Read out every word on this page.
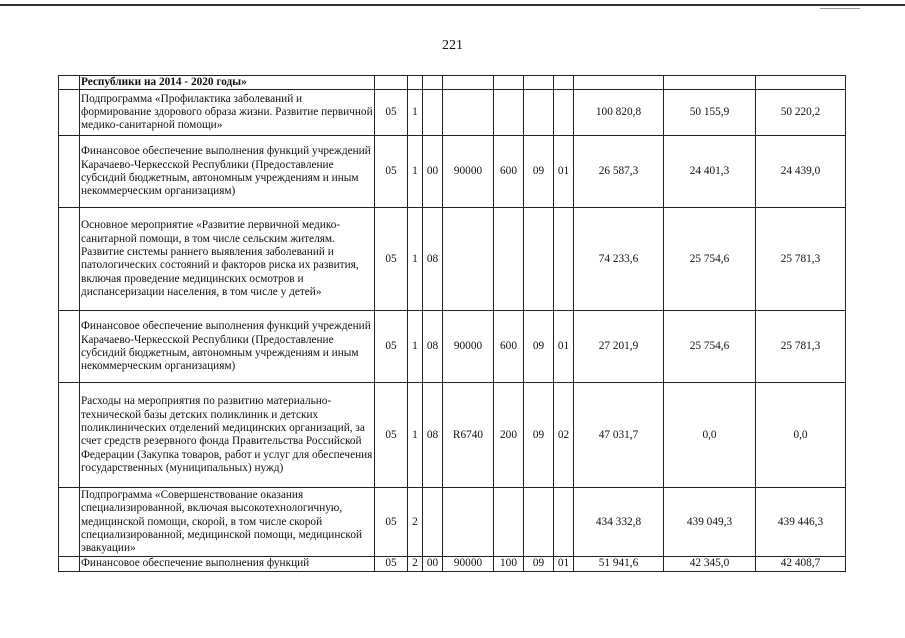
221
	Республики на 2014 - 2020 годы»										
	Подпрограмма «Профилактика заболеваний и формирование здорового образа жизни. Развитие первичной медико-санитарной помощи»	05	1						100 820,8	50 155,9	50 220,2
	Финансовое обеспечение выполнения функций учреждений Карачаево-Черкесской Республики (Предоставление субсидий бюджетным, автономным учреждениям и иным некоммерческим организациям)	05	1	00	90000	600	09	01	26 587,3	24 401,3	24 439,0
	Основное мероприятие «Развитие первичной медико-санитарной помощи, в том числе сельским жителям. Развитие системы раннего выявления заболеваний и патологических состояний и факторов риска их развития, включая проведение медицинских осмотров и диспансеризации населения, в том числе у детей»	05	1	08					74 233,6	25 754,6	25 781,3
	Финансовое обеспечение выполнения функций учреждений Карачаево-Черкесской Республики (Предоставление субсидий бюджетным, автономным учреждениям и иным некоммерческим организациям)	05	1	08	90000	600	09	01	27 201,9	25 754,6	25 781,3
	Расходы на мероприятия по развитию материально-технической базы детских поликлиник и детских поликлинических отделений медицинских организаций, за счет средств резервного фонда Правительства Российской Федерации (Закупка товаров, работ и услуг для обеспечения государственных (муниципальных) нужд)	05	1	08	R6740	200	09	02	47 031,7	0,0	0,0
	Подпрограмма «Совершенствование оказания специализированной, включая высокотехнологичную, медицинской помощи, скорой, в том числе скорой специализированной, медицинской помощи, медицинской эвакуации»	05	2						434 332,8	439 049,3	439 446,3
	Финансовое обеспечение выполнения функций	05	2	00	90000	100	09	01	51 941,6	42 345,0	42 408,7
